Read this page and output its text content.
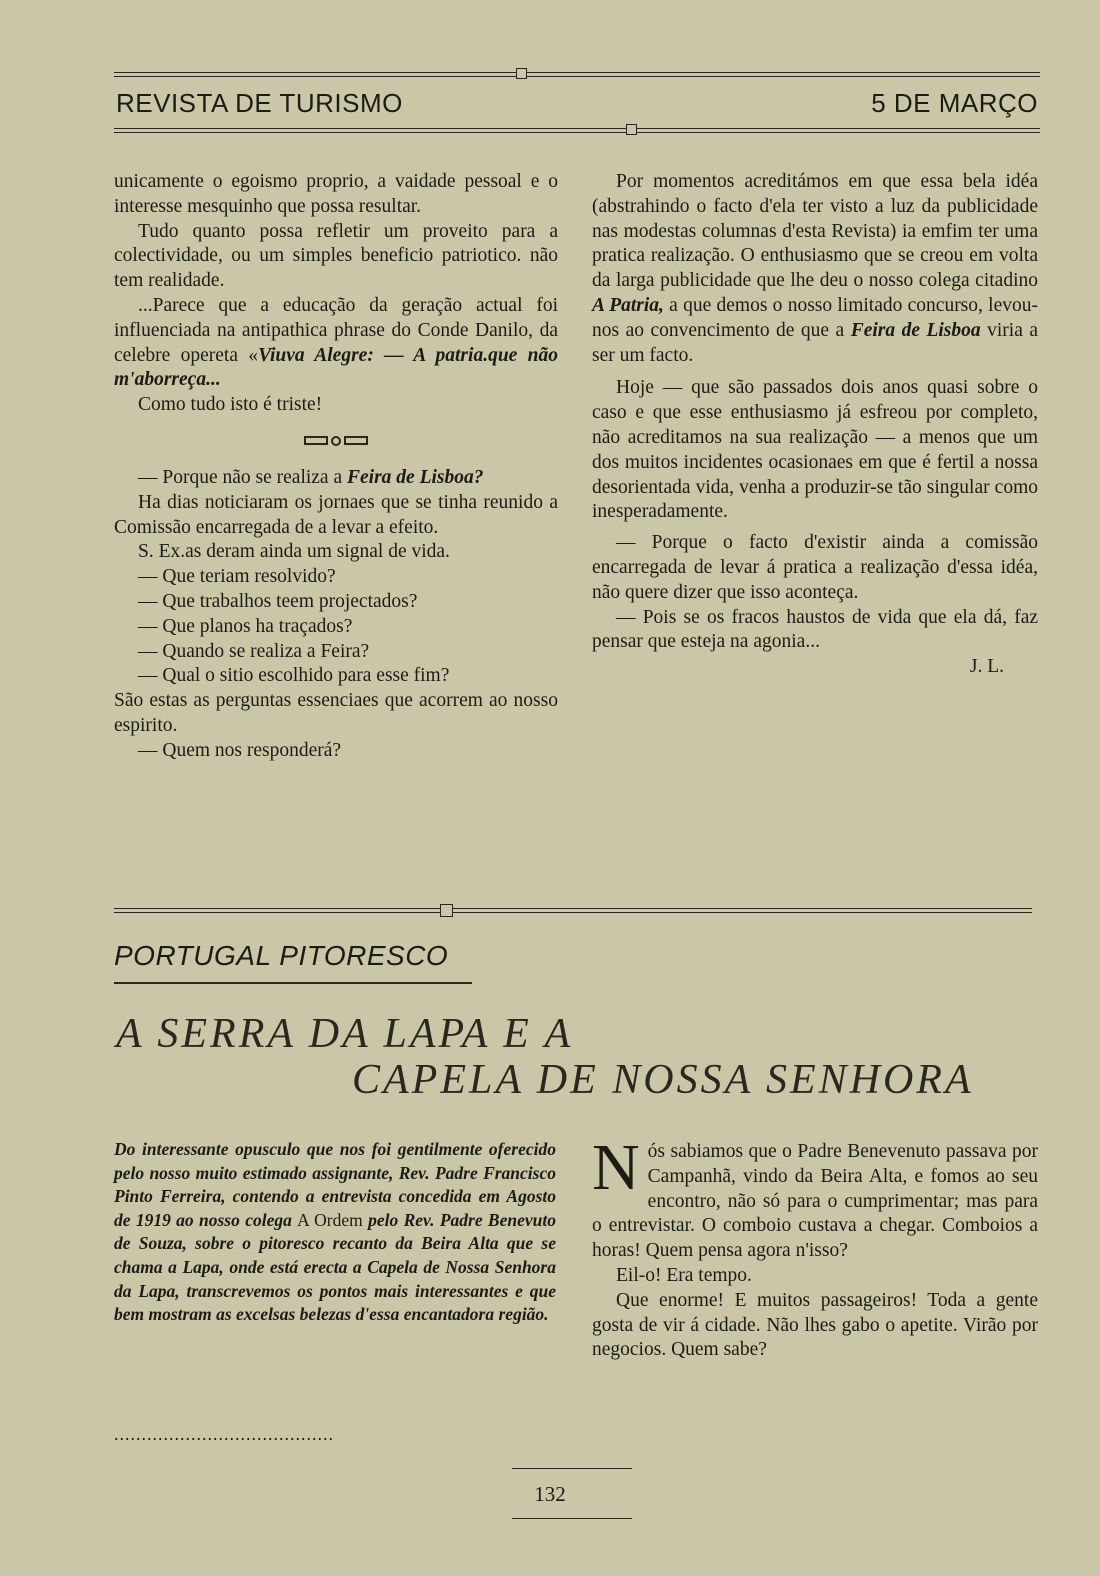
REVISTA DE TURISMO	5 DE MARÇO

unicamente o egoismo proprio, a vaidade pessoal e o interesse mesquinho que possa resultar.

Tudo quanto possa refletir um proveito para a colectividade, ou um simples beneficio patriotico. não tem realidade.

...Parece que a educação da geração actual foi influenciada na antipathica phrase do Conde Danilo, da celebre opereta «Viuva Alegre: — A patria.que não m'aborreça...

Como tudo isto é triste!

— Porque não se realiza a Feira de Lisboa?

Ha dias noticiaram os jornaes que se tinha reunido a Comissão encarregada de a levar a efeito.

S. Ex.as deram ainda um signal de vida.

— Que teriam resolvido?

— Que trabalhos teem projectados?

— Que planos ha traçados?

— Quando se realiza a Feira?

— Qual o sitio escolhido para esse fim?

São estas as perguntas essenciaes que acorrem ao nosso espirito.

— Quem nos responderá?

Por momentos acreditámos em que essa bela idéa (abstrahindo o facto d'ela ter visto a luz da publicidade nas modestas columnas d'esta Revista) ia emfim ter uma pratica realização. O enthusiasmo que se creou em volta da larga publicidade que lhe deu o nosso colega citadino A Patria, a que demos o nosso limitado concurso, levou-nos ao convencimento de que a Feira de Lisboa viria a ser um facto.

Hoje — que são passados dois anos quasi sobre o caso e que esse enthusiasmo já esfreou por completo, não acreditamos na sua realização — a menos que um dos muitos incidentes ocasionaes em que é fertil a nossa desorientada vida, venha a produzir-se tão singular como inesperadamente.

— Porque o facto d'existir ainda a comissão encarregada de levar á pratica a realização d'essa idéa, não quere dizer que isso aconteça.

— Pois se os fracos haustos de vida que ela dá, faz pensar que esteja na agonia...

J. L.

PORTUGAL PITORESCO
A SERRA DA LAPA E A
CAPELA DE NOSSA SENHORA
Do interessante opusculo que nos foi gentilmente oferecido pelo nosso muito estimado assignante, Rev. Padre Francisco Pinto Ferreira, contendo a entrevista concedida em Agosto de 1919 ao nosso colega A Ordem pelo Rev. Padre Benevuto de Souza, sobre o pitoresco recanto da Beira Alta que se chama a Lapa, onde está erecta a Capela de Nossa Senhora da Lapa, transcrevemos os pontos mais interessantes e que bem mostram as excelsas belezas d'essa encantadora região.
........................................

Nós sabiamos que o Padre Benevenuto passava por Campanhã, vindo da Beira Alta, e fomos ao seu encontro, não só para o cumprimentar; mas para o entrevistar. O comboio custava a chegar. Comboios a horas! Quem pensa agora n'isso?

Eil-o! Era tempo.

Que enorme! E muitos passageiros! Toda a gente gosta de vir á cidade. Não lhes gabo o apetite. Virão por negocios. Quem sabe?

132
